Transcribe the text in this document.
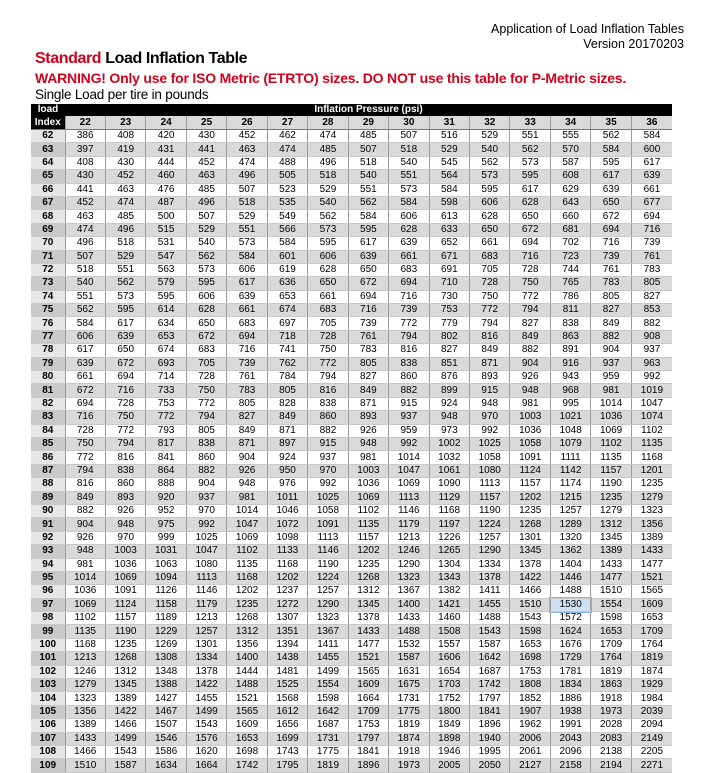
Application of Load Inflation Tables
Version 20170203
Standard Load Inflation Table
WARNING! Only use for ISO Metric (ETRTO) sizes. DO NOT use this table for P-Metric sizes.
Single Load per tire in pounds
load	Inflation Pressure (psi)														
Index	22	23	24	25	26	27	28	29	30	31	32	33	34	35	36
62	386	408	420	430	452	462	474	485	507	516	529	551	555	562	584
63	397	419	431	441	463	474	485	507	518	529	540	562	570	584	600
64	408	430	444	452	474	488	496	518	540	545	562	573	587	595	617
65	430	452	460	463	496	505	518	540	551	564	573	595	608	617	639
66	441	463	476	485	507	523	529	551	573	584	595	617	629	639	661
67	452	474	487	496	518	535	540	562	584	598	606	628	643	650	677
68	463	485	500	507	529	549	562	584	606	613	628	650	660	672	694
69	474	496	515	529	551	566	573	595	628	633	650	672	681	694	716
70	496	518	531	540	573	584	595	617	639	652	661	694	702	716	739
71	507	529	547	562	584	601	606	639	661	671	683	716	723	739	761
72	518	551	563	573	606	619	628	650	683	691	705	728	744	761	783
73	540	562	579	595	617	636	650	672	694	710	728	750	765	783	805
74	551	573	595	606	639	653	661	694	716	730	750	772	786	805	827
75	562	595	614	628	661	674	683	716	739	753	772	794	811	827	853
76	584	617	634	650	683	697	705	739	772	779	794	827	838	849	882
77	606	639	653	672	694	718	728	761	794	802	816	849	863	882	908
78	617	650	674	683	716	741	750	783	816	827	849	882	891	904	937
79	639	672	693	705	739	762	772	805	838	851	871	904	916	937	963
80	661	694	714	728	761	784	794	827	860	876	893	926	943	959	992
81	672	716	733	750	783	805	816	849	882	899	915	948	968	981	1019
82	694	728	753	772	805	828	838	871	915	924	948	981	995	1014	1047
83	716	750	772	794	827	849	860	893	937	948	970	1003	1021	1036	1074
84	728	772	793	805	849	871	882	926	959	973	992	1036	1048	1069	1102
85	750	794	817	838	871	897	915	948	992	1002	1025	1058	1079	1102	1135
86	772	816	841	860	904	924	937	981	1014	1032	1058	1091	1111	1135	1168
87	794	838	864	882	926	950	970	1003	1047	1061	1080	1124	1142	1157	1201
88	816	860	888	904	948	976	992	1036	1069	1090	1113	1157	1174	1190	1235
89	849	893	920	937	981	1011	1025	1069	1113	1129	1157	1202	1215	1235	1279
90	882	926	952	970	1014	1046	1058	1102	1146	1168	1190	1235	1257	1279	1323
91	904	948	975	992	1047	1072	1091	1135	1179	1197	1224	1268	1289	1312	1356
92	926	970	999	1025	1069	1098	1113	1157	1213	1226	1257	1301	1320	1345	1389
93	948	1003	1031	1047	1102	1133	1146	1202	1246	1265	1290	1345	1362	1389	1433
94	981	1036	1063	1080	1135	1168	1190	1235	1290	1304	1334	1378	1404	1433	1477
95	1014	1069	1094	1113	1168	1202	1224	1268	1323	1343	1378	1422	1446	1477	1521
96	1036	1091	1126	1146	1202	1237	1257	1312	1367	1382	1411	1466	1488	1510	1565
97	1069	1124	1158	1179	1235	1272	1290	1345	1400	1421	1455	1510	1530	1554	1609
98	1102	1157	1189	1213	1268	1307	1323	1378	1433	1460	1488	1543	1572	1598	1653
99	1135	1190	1229	1257	1312	1351	1367	1433	1488	1508	1543	1598	1624	1653	1709
100	1168	1235	1269	1301	1356	1394	1411	1477	1532	1557	1587	1653	1676	1709	1764
101	1213	1268	1308	1334	1400	1438	1455	1521	1587	1606	1642	1698	1729	1764	1819
102	1246	1312	1348	1378	1444	1481	1499	1565	1631	1654	1687	1753	1781	1819	1874
103	1279	1345	1388	1422	1488	1525	1554	1609	1675	1703	1742	1808	1834	1863	1929
104	1323	1389	1427	1455	1521	1568	1598	1664	1731	1752	1797	1852	1886	1918	1984
105	1356	1422	1467	1499	1565	1612	1642	1709	1775	1800	1841	1907	1938	1973	2039
106	1389	1466	1507	1543	1609	1656	1687	1753	1819	1849	1896	1962	1991	2028	2094
107	1433	1499	1546	1576	1653	1699	1731	1797	1874	1898	1940	2006	2043	2083	2149
108	1466	1543	1586	1620	1698	1743	1775	1841	1918	1946	1995	2061	2096	2138	2205
109	1510	1587	1634	1664	1742	1795	1819	1896	1973	2005	2050	2127	2158	2194	2271
